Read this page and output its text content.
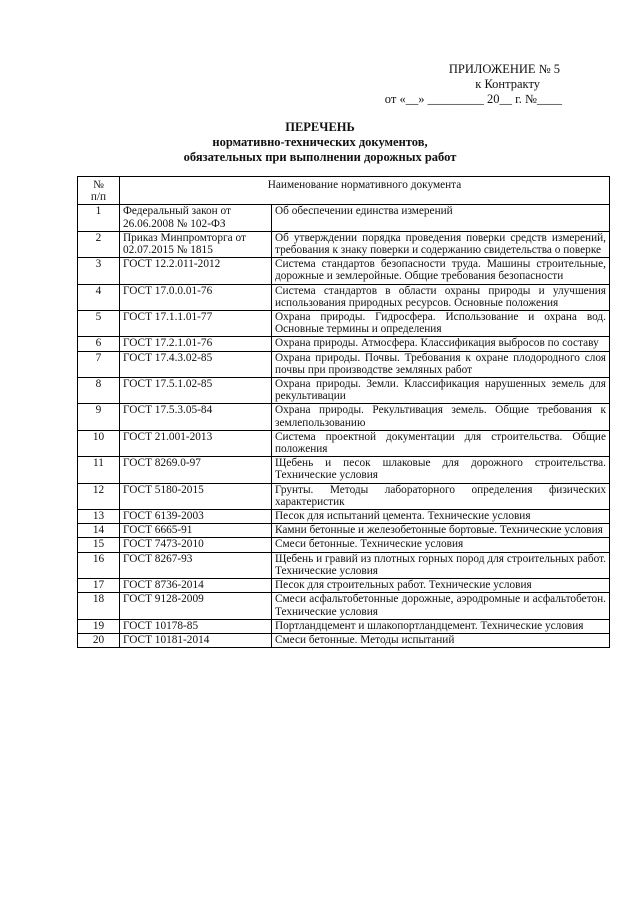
ПРИЛОЖЕНИЕ № 5
к Контракту
от «__» _________ 20__ г. №____
ПЕРЕЧЕНЬ
нормативно-технических документов,
обязательных при выполнении дорожных работ
№
п/п	Наименование нормативного документа	
1	Федеральный закон от 26.06.2008 № 102-ФЗ	Об обеспечении единства измерений
2	Приказ Минпромторга от 02.07.2015 № 1815	Об утверждении порядка проведения поверки средств измерений, требования к знаку поверки и содержанию свидетельства о поверке
3	ГОСТ 12.2.011-2012	Система стандартов безопасности труда. Машины строительные, дорожные и землеройные. Общие требования безопасности
4	ГОСТ 17.0.0.01-76	Система стандартов в области охраны природы и улучшения использования природных ресурсов. Основные положения
5	ГОСТ 17.1.1.01-77	Охрана природы. Гидросфера. Использование и охрана вод. Основные термины и определения
6	ГОСТ 17.2.1.01-76	Охрана природы. Атмосфера. Классификация выбросов по составу
7	ГОСТ 17.4.3.02-85	Охрана природы. Почвы. Требования к охране плодородного слоя почвы при производстве земляных работ
8	ГОСТ 17.5.1.02-85	Охрана природы. Земли. Классификация нарушенных земель для рекультивации
9	ГОСТ 17.5.3.05-84	Охрана природы. Рекультивация земель. Общие требования к землепользованию
10	ГОСТ 21.001-2013	Система проектной документации для строительства. Общие положения
11	ГОСТ 8269.0-97	Щебень и песок шлаковые для дорожного строительства. Технические условия
12	ГОСТ 5180-2015	Грунты. Методы лабораторного определения физических характеристик
13	ГОСТ 6139-2003	Песок для испытаний цемента. Технические условия
14	ГОСТ 6665-91	Камни бетонные и железобетонные бортовые. Технические условия
15	ГОСТ 7473-2010	Смеси бетонные. Технические условия
16	ГОСТ 8267-93	Щебень и гравий из плотных горных пород для строительных работ. Технические условия
17	ГОСТ 8736-2014	Песок для строительных работ. Технические условия
18	ГОСТ 9128-2009	Смеси асфальтобетонные дорожные, аэродромные и асфальтобетон. Технические условия
19	ГОСТ 10178-85	Портландцемент и шлакопортландцемент. Технические условия
20	ГОСТ 10181-2014	Смеси бетонные. Методы испытаний
